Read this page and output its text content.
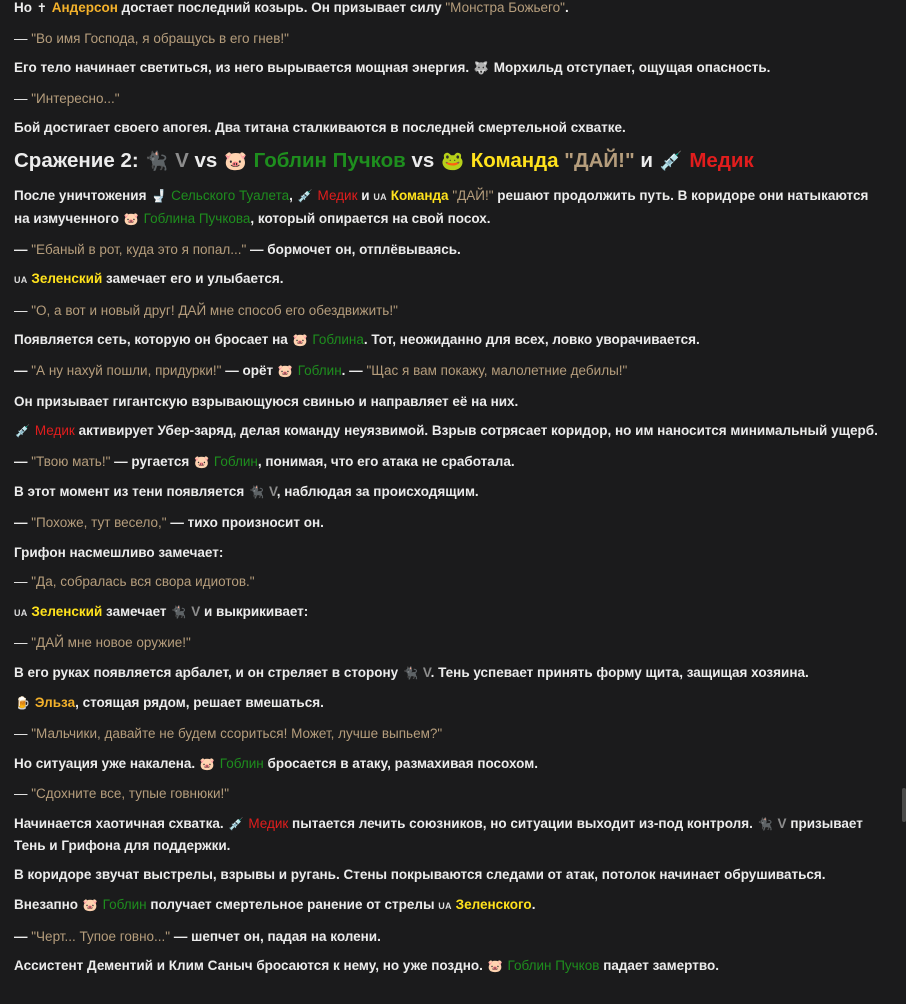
Но ✝ Андерсон достает последний козырь. Он призывает силу "Монстра Божьего".
— "Во имя Господа, я обращусь в его гнев!"
Его тело начинает светиться, из него вырывается мощная энергия. 🐺 Морхильд отступает, ощущая опасность.
— "Интересно..."
Бой достигает своего апогея. Два титана сталкиваются в последней смертельной схватке.
Сражение 2: 🐈‍⬛ V vs 🐷 Гоблин Пучков vs 🐸 Команда "ДАЙ!" и 💉 Медик
После уничтожения 🚽 Сельского Туалета, 💉 Медик и UA Команда "ДАЙ!" решают продолжить путь. В коридоре они натыкаются на измученного 🐷 Гоблина Пучкова, который опирается на свой посох.
— "Ебаный в рот, куда это я попал..." — бормочет он, отплёвываясь.
UA Зеленский замечает его и улыбается.
— "О, а вот и новый друг! ДАЙ мне способ его обездвижить!"
Появляется сеть, которую он бросает на 🐷 Гоблина. Тот, неожиданно для всех, ловко уворачивается.
— "А ну нахуй пошли, придурки!" — орёт 🐷 Гоблин. — "Щас я вам покажу, малолетние дебилы!"
Он призывает гигантскую взрывающуюся свинью и направляет её на них.
💉 Медик активирует Убер-заряд, делая команду неуязвимой. Взрыв сотрясает коридор, но им наносится минимальный ущерб.
— "Твою мать!" — ругается 🐷 Гоблин, понимая, что его атака не сработала.
В этот момент из тени появляется 🐈‍⬛ V, наблюдая за происходящим.
— "Похоже, тут весело," — тихо произносит он.
Грифон насмешливо замечает:
— "Да, собралась вся свора идиотов."
UA Зеленский замечает 🐈‍⬛ V и выкрикивает:
— "ДАЙ мне новое оружие!"
В его руках появляется арбалет, и он стреляет в сторону 🐈‍⬛ V. Тень успевает принять форму щита, защищая хозяина.
🍺 Эльза, стоящая рядом, решает вмешаться.
— "Мальчики, давайте не будем ссориться! Может, лучше выпьем?"
Но ситуация уже накалена. 🐷 Гоблин бросается в атаку, размахивая посохом.
— "Сдохните все, тупые говнюки!"
Начинается хаотичная схватка. 💉 Медик пытается лечить союзников, но ситуации выходит из-под контроля. 🐈‍⬛ V призывает Тень и Грифона для поддержки.
В коридоре звучат выстрелы, взрывы и ругань. Стены покрываются следами от атак, потолок начинает обрушиваться.
Внезапно 🐷 Гоблин получает смертельное ранение от стрелы UA Зеленского.
— "Черт... Тупое говно..." — шепчет он, падая на колени.
Ассистент Дементий и Клим Саныч бросаются к нему, но уже поздно. 🐷 Гоблин Пучков падает замертво.
